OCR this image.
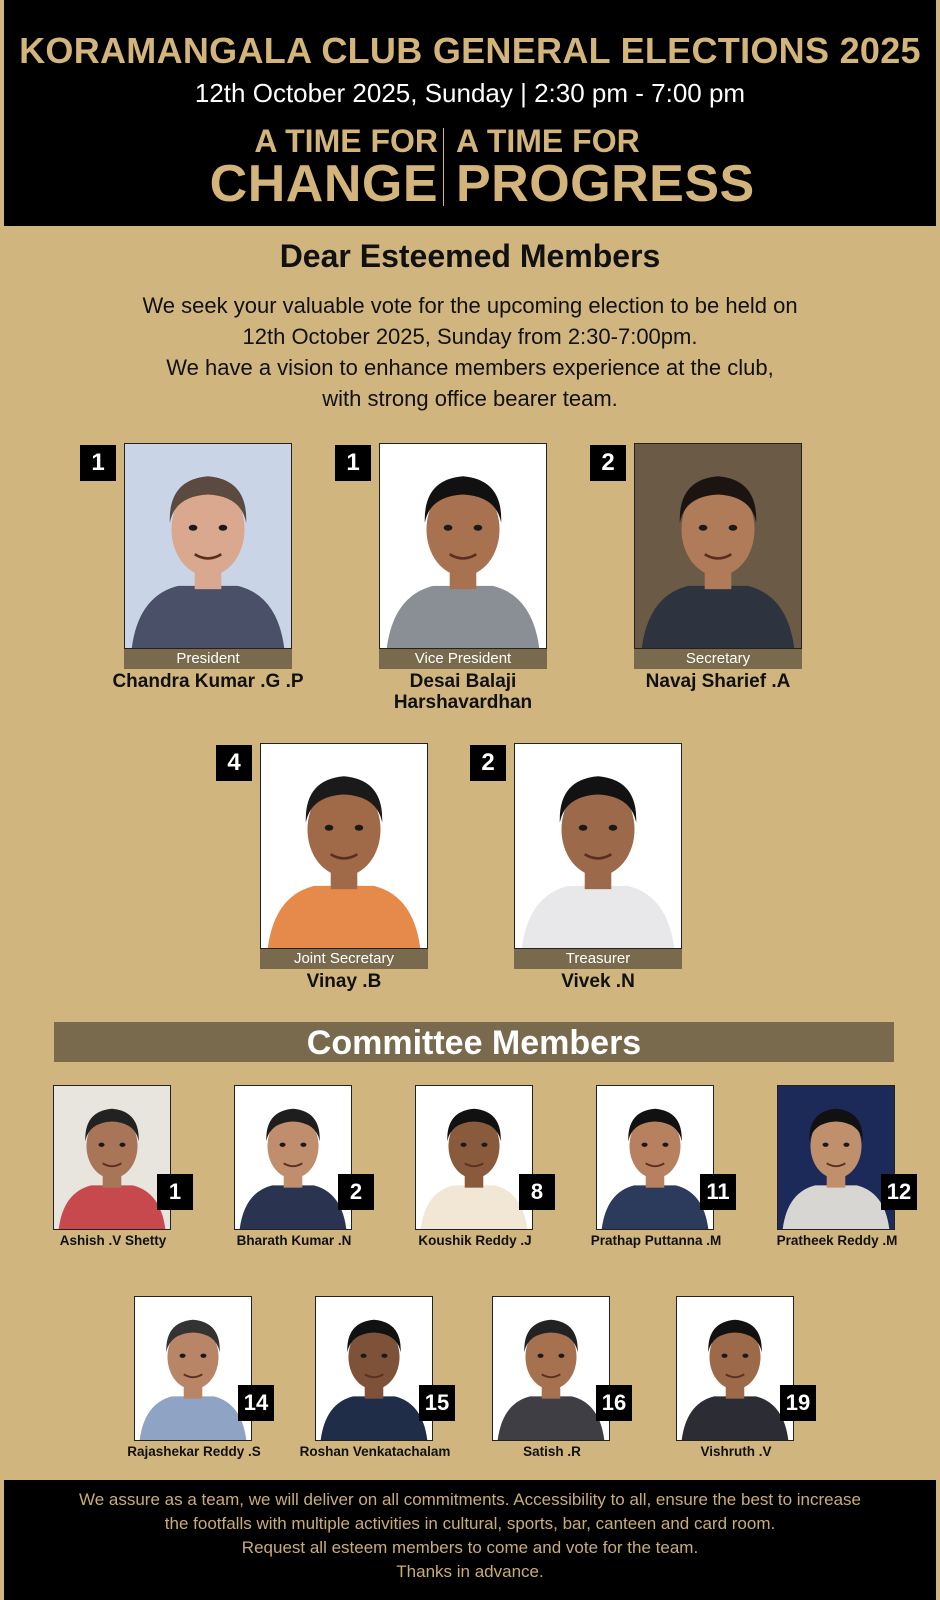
KORAMANGALA CLUB GENERAL ELECTIONS 2025
12th October 2025, Sunday | 2:30 pm - 7:00 pm
A TIME FOR
CHANGE
A TIME FOR
PROGRESS
Dear Esteemed Members
We seek your valuable vote for the upcoming election to be held on
12th October 2025, Sunday from 2:30-7:00pm.
We have a vision to enhance members experience at the club,
with strong office bearer team.
1
President
Chandra Kumar .G .P
1
Vice President
Desai Balaji
Harshavardhan
2
Secretary
Navaj Sharief .A
4
Joint Secretary
Vinay .B
2
Treasurer
Vivek .N
Committee Members
1
Ashish .V Shetty
2
Bharath Kumar .N
8
Koushik Reddy .J
11
Prathap Puttanna .M
12
Pratheek Reddy .M
14
Rajashekar Reddy .S
15
Roshan Venkatachalam
16
Satish .R
19
Vishruth .V
We assure as a team, we will deliver on all commitments. Accessibility to all, ensure the best to increase
the footfalls with multiple activities in cultural, sports, bar, canteen and card room.
Request all esteem members to come and vote for the team.
Thanks in advance.
